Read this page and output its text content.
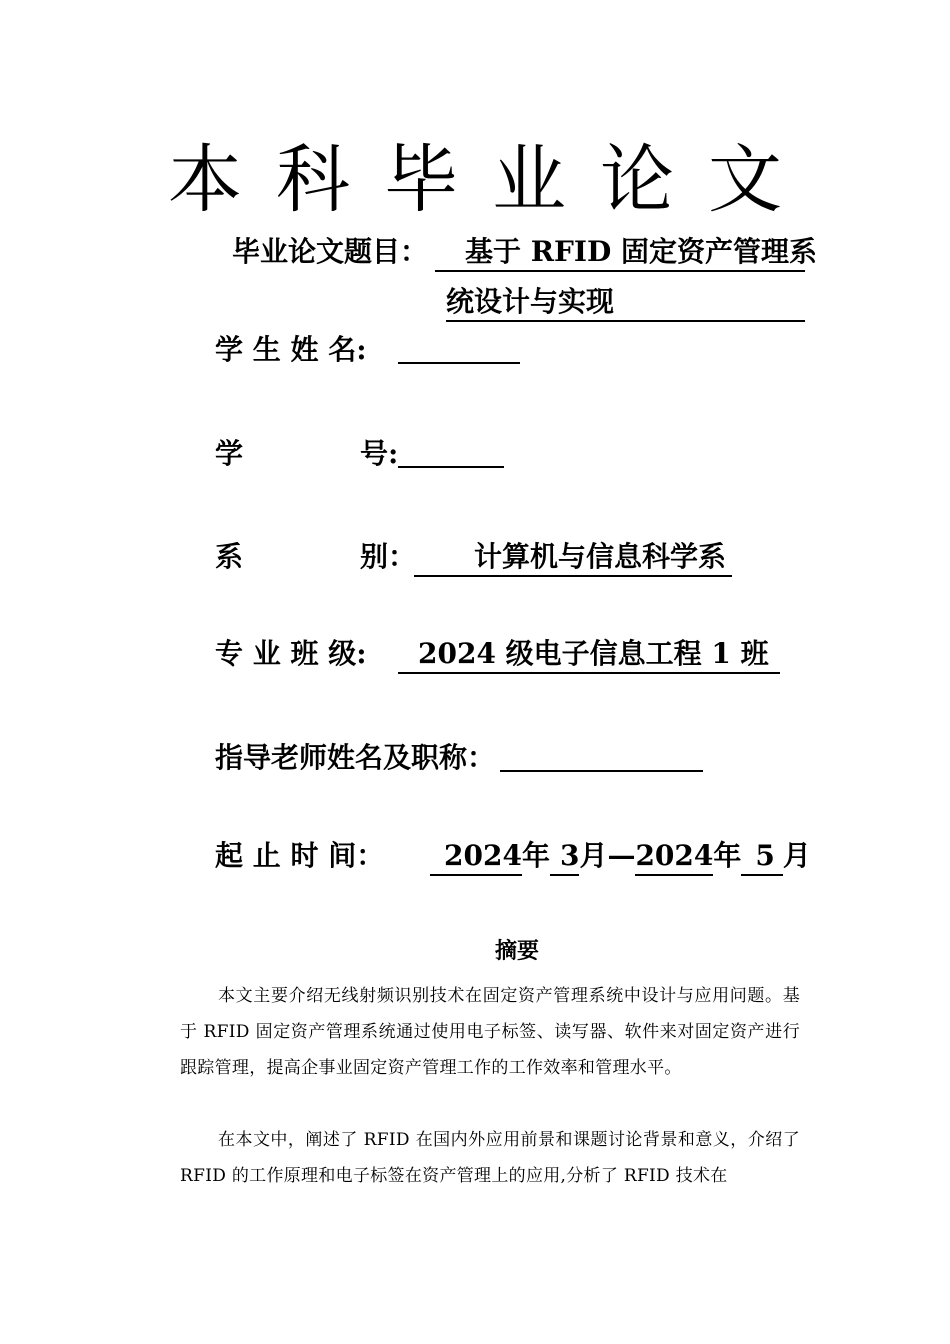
本科毕业论文
毕业论文题目：	基于 RFID 固定资产管理系
统设计与实现
学 生 姓 名:
学	号:
系	别：	计算机与信息科学系
专 业 班 级:	2024 级电子信息工程 1 班
指导老师姓名及职称：
起 止 时 间：	2024年 3月—2024年 5 月
摘要
本文主要介绍无线射频识别技术在固定资产管理系统中设计与应用问题。基于 RFID 固定资产管理系统通过使用电子标签、读写器、软件来对固定资产进行跟踪管理，提高企事业固定资产管理工作的工作效率和管理水平。
在本文中，阐述了 RFID 在国内外应用前景和课题讨论背景和意义，介绍了 RFID 的工作原理和电子标签在资产管理上的应用,分析了 RFID 技术在
